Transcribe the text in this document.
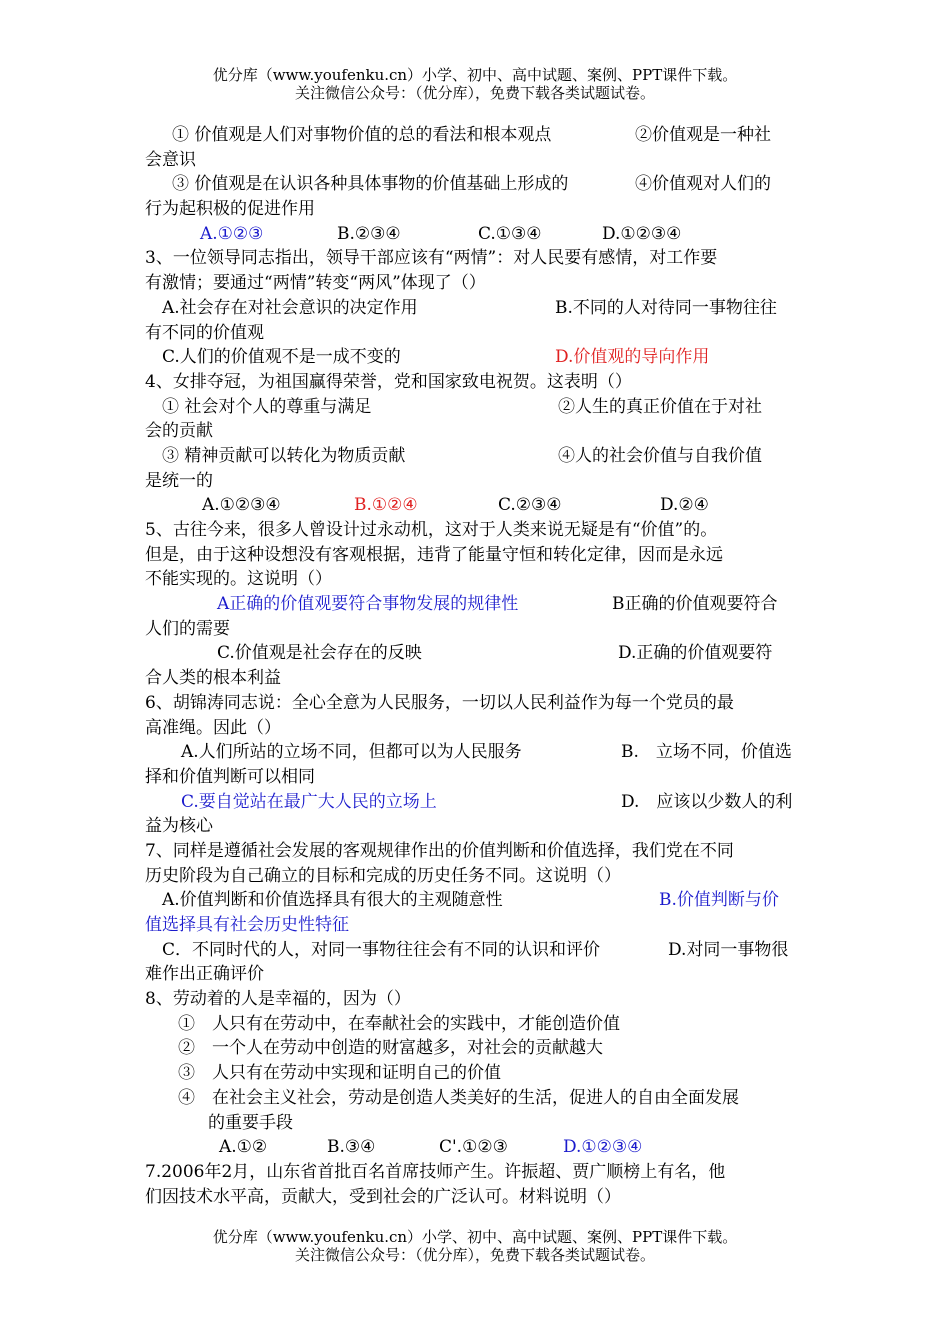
优分库（www.youfenku.cn）小学、初中、高中试题、案例、PPT课件下载。
关注微信公众号：（优分库），免费下载各类试题试卷。
① 价值观是人们对事物价值的总的看法和根本观点	②价值观是一种社
会意识
③ 价值观是在认识各种具体事物的价值基础上形成的	④价值观对人们的
行为起积极的促进作用
A.①②③	B.②③④	C.①③④	D.①②③④
3、一位领导同志指出，领导干部应该有“两情”：对人民要有感情，对工作要
有激情；要通过“两情”转变“两风”体现了（）
A.社会存在对社会意识的决定作用	B.不同的人对待同一事物往往
有不同的价值观
C.人们的价值观不是一成不变的	D.价值观的导向作用
4、女排夺冠，为祖国赢得荣誉，党和国家致电祝贺。这表明（）
① 社会对个人的尊重与满足	②人生的真正价值在于对社
会的贡献
③ 精神贡献可以转化为物质贡献	④人的社会价值与自我价值
是统一的
A.①②③④	B.①②④	C.②③④	D.②④
5、古往今来，很多人曾设计过永动机，这对于人类来说无疑是有“价值”的。
但是，由于这种设想没有客观根据，违背了能量守恒和转化定律，因而是永远
不能实现的。这说明（）
A正确的价值观要符合事物发展的规律性	B正确的价值观要符合
人们的需要
C.价值观是社会存在的反映	D.正确的价值观要符
合人类的根本利益
6、胡锦涛同志说：全心全意为人民服务，一切以人民利益作为每一个党员的最
高准绳。因此（）
A.人们所站的立场不同，但都可以为人民服务	B.　立场不同，价值选
择和价值判断可以相同
C.要自觉站在最广大人民的立场上	D.　应该以少数人的利
益为核心
7、同样是遵循社会发展的客观规律作出的价值判断和价值选择，我们党在不同
历史阶段为自己确立的目标和完成的历史任务不同。这说明（）
A.价值判断和价值选择具有很大的主观随意性	B.价值判断与价
值选择具有社会历史性特征
C．不同时代的人，对同一事物往往会有不同的认识和评价	D.对同一事物很
难作出正确评价
8、劳动着的人是幸福的，因为（）
①　人只有在劳动中，在奉献社会的实践中，才能创造价值
②　一个人在劳动中创造的财富越多，对社会的贡献越大
③　人只有在劳动中实现和证明自己的价值
④　在社会主义社会，劳动是创造人类美好的生活，促进人的自由全面发展
的重要手段
A.①②	B.③④	C'.①②③	D.①②③④
7.2006年2月，山东省首批百名首席技师产生。许振超、贾广顺榜上有名，他
们因技术水平高，贡献大，受到社会的广泛认可。材料说明（）
优分库（www.youfenku.cn）小学、初中、高中试题、案例、PPT课件下载。
关注微信公众号：（优分库），免费下载各类试题试卷。
